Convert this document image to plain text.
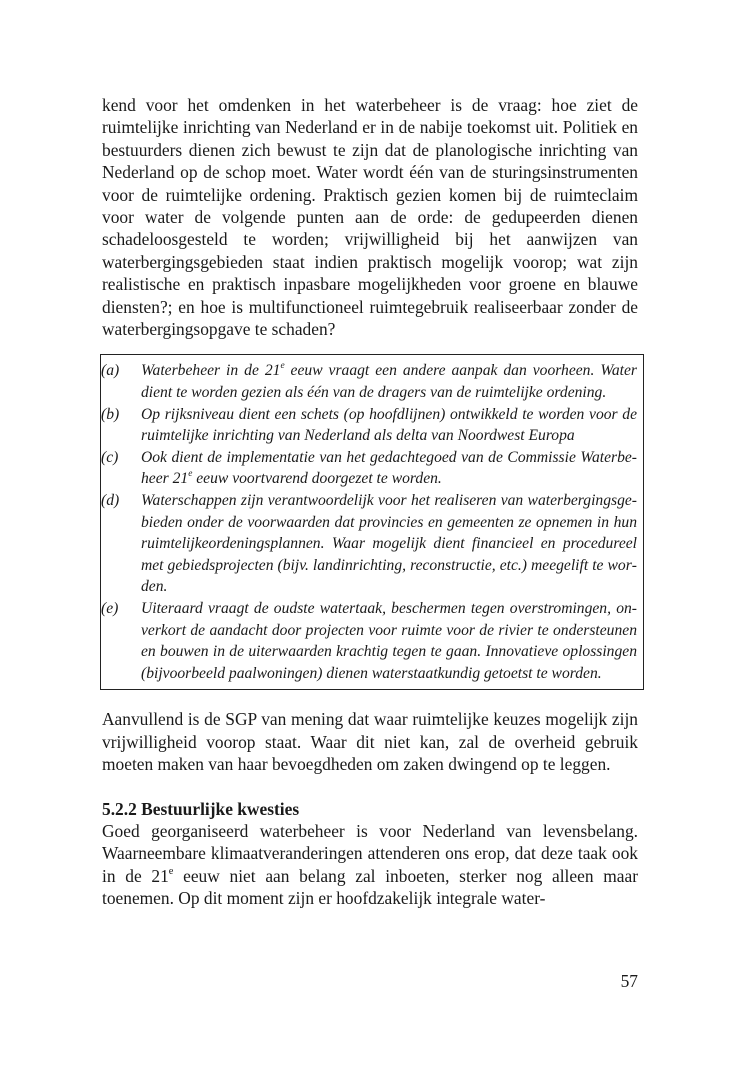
kend voor het omdenken in het waterbeheer is de vraag: hoe ziet de ruimtelijke inrichting van Nederland er in de nabije toekomst uit. Politiek en bestuurders dienen zich bewust te zijn dat de planologische inrichting van Nederland op de schop moet. Water wordt één van de sturingsinstrumenten voor de ruimtelijke ordening. Praktisch gezien komen bij de ruimteclaim voor water de volgende punten aan de orde: de gedupeerden dienen schadeloosgesteld te worden; vrijwilligheid bij het aanwijzen van waterbergingsgebieden staat indien praktisch mogelijk voorop; wat zijn realistische en praktisch inpasbare mogelijkheden voor groene en blauwe diensten?; en hoe is multifunctioneel ruimtegebruik realiseerbaar zonder de waterbergingsopgave te schaden?

(a)	Waterbeheer in de 21e eeuw vraagt een andere aanpak dan voorheen. Water dient te worden gezien als één van de dragers van de ruimtelijke ordening.
(b)	Op rijksniveau dient een schets (op hoofdlijnen) ontwikkeld te worden voor de ruimtelijke inrichting van Nederland als delta van Noordwest Europa
(c)	Ook dient de implementatie van het gedachtegoed van de Commissie Waterbeheer 21e eeuw voortvarend doorgezet te worden.
(d)	Waterschappen zijn verantwoordelijk voor het realiseren van waterbergingsgebieden onder de voorwaarden dat provincies en gemeenten ze opnemen in hun ruimtelijkeordeningsplannen. Waar mogelijk dient financieel en procedureel met gebiedsprojecten (bijv. landinrichting, reconstructie, etc.) meegelift te worden.
(e)	Uiteraard vraagt de oudste watertaak, beschermen tegen overstromingen, onverkort de aandacht door projecten voor ruimte voor de rivier te ondersteunen en bouwen in de uiterwaarden krachtig tegen te gaan. Innovatieve oplossingen (bijvoorbeeld paalwoningen) dienen waterstaatkundig getoetst te worden.

Aanvullend is de SGP van mening dat waar ruimtelijke keuzes mogelijk zijn vrijwilligheid voorop staat. Waar dit niet kan, zal de overheid gebruik moeten maken van haar bevoegdheden om zaken dwingend op te leggen.

5.2.2 Bestuurlijke kwesties

Goed georganiseerd waterbeheer is voor Nederland van levensbelang. Waarneembare klimaatveranderingen attenderen ons erop, dat deze taak ook in de 21e eeuw niet aan belang zal inboeten, sterker nog alleen maar toenemen. Op dit moment zijn er hoofdzakelijk integrale water-

57
